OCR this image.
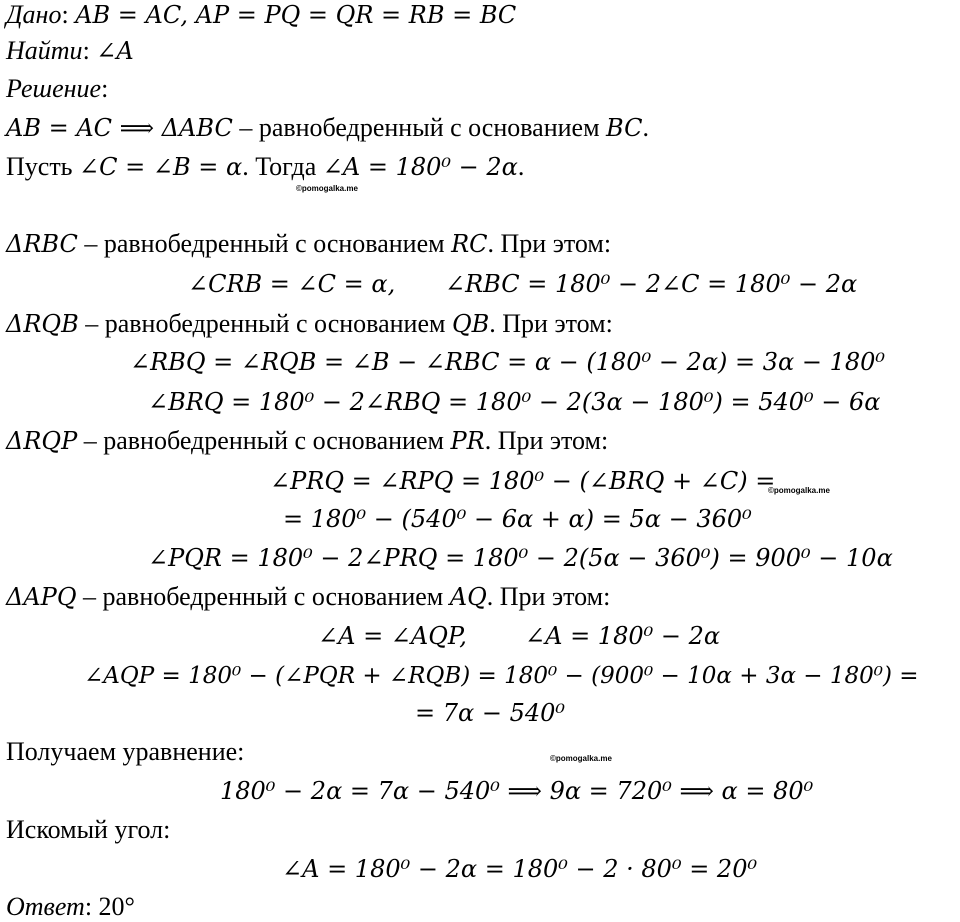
Дано: AB = AC, AP = PQ = QR = RB = BC
Найти: ∠A
Решение:
AB = AC ⟹ ΔABC – равнобедренный с основанием BC.
Пусть ∠C = ∠B = α. Тогда ∠A = 180⁰ − 2α.
©pomogalka.me
ΔRBC – равнобедренный с основанием RC. При этом:
∠CRB = ∠C = α, ∠RBC = 180⁰ − 2∠C = 180⁰ − 2α
ΔRQB – равнобедренный с основанием QB. При этом:
∠RBQ = ∠RQB = ∠B − ∠RBC = α − (180⁰ − 2α) = 3α − 180⁰
∠BRQ = 180⁰ − 2∠RBQ = 180⁰ − 2(3α − 180⁰) = 540⁰ − 6α
ΔRQP – равнобедренный с основанием PR. При этом:
∠PRQ = ∠RPQ = 180⁰ − (∠BRQ + ∠C) =
©pomogalka.me
= 180⁰ − (540⁰ − 6α + α) = 5α − 360⁰
∠PQR = 180⁰ − 2∠PRQ = 180⁰ − 2(5α − 360⁰) = 900⁰ − 10α
ΔAPQ – равнобедренный с основанием AQ. При этом:
∠A = ∠AQP, ∠A = 180⁰ − 2α
∠AQP = 180⁰ − (∠PQR + ∠RQB) = 180⁰ − (900⁰ − 10α + 3α − 180⁰) =
= 7α − 540⁰
Получаем уравнение:	©pomogalka.me
180⁰ − 2α = 7α − 540⁰ ⟹ 9α = 720⁰ ⟹ α = 80⁰
Искомый угол:
∠A = 180⁰ − 2α = 180⁰ − 2 · 80⁰ = 20⁰
Ответ: 20°
